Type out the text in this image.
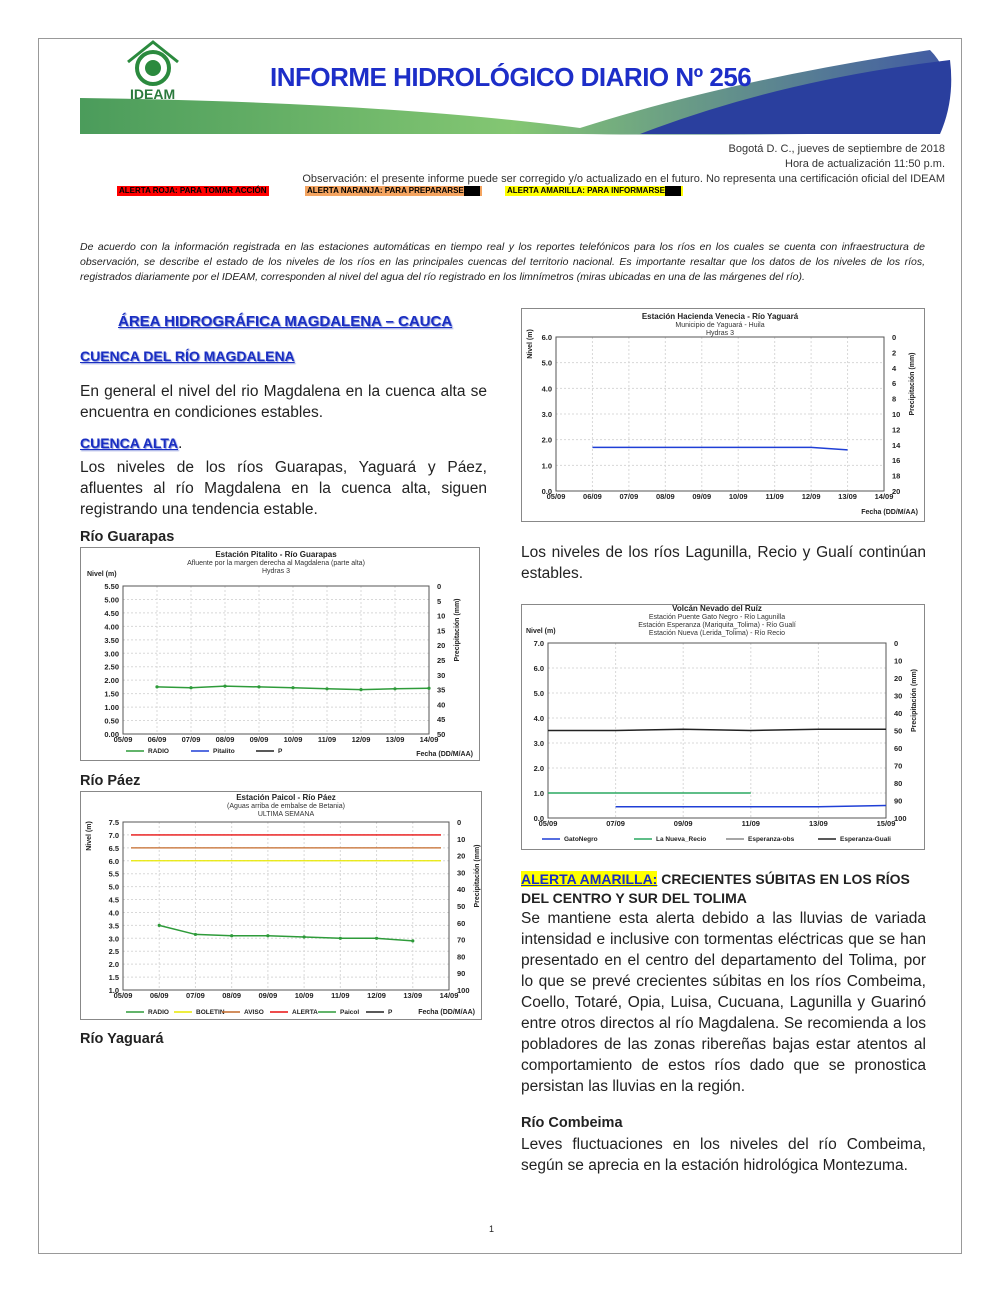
IDEAM
INFORME HIDROLÓGICO DIARIO Nº 256
Bogotá D. C., jueves de septiembre de 2018
Hora de actualización 11:50 p.m.
Observación: el presente informe puede ser corregido y/o actualizado en el futuro. No representa una certificación oficial del IDEAM
ALERTA ROJA: PARA TOMAR ACCIÓN	ALERTA NARANJA: PARA PREPARARSE	ALERTA AMARILLA: PARA INFORMARSE
De acuerdo con la información registrada en las estaciones automáticas en tiempo real y los reportes telefónicos para los ríos en los cuales se cuenta con infraestructura de observación, se describe el estado de los niveles de los ríos en las principales cuencas del territorio nacional. Es importante resaltar que los datos de los niveles de los ríos, registrados diariamente por el IDEAM, corresponden al nivel del agua del río registrado en los limnímetros (miras ubicadas en una de las márgenes del río).
ÁREA HIDROGRÁFICA MAGDALENA – CAUCA
CUENCA DEL RÍO MAGDALENA
En general el nivel del rio Magdalena en la cuenca alta se encuentra en condiciones estables.
CUENCA ALTA.
Los niveles de los ríos Guarapas, Yaguará y Páez, afluentes al río Magdalena en la cuenca alta, siguen registrando una tendencia estable.
Río Guarapas
Estación Pitalito - Río Guarapas
Afluente por la margen derecha al Magdalena (parte alta)
Hydras 3
0.00
0.50
1.00
1.50
2.00
2.50
3.00
3.50
4.00
4.50
5.00
5.50	0
5
10
15
20
25
30
35
40
45
50
05/09 06/09 07/09 08/09 09/09 10/09 11/09 12/09 13/09 14/09
Nivel (m)
Precipitación (mm)
Fecha (DD/M/AA)
RADIO	Pitalito	P
Río Páez
Estación Paicol - Río Páez
(Aguas arriba de embalse de Betania)
ULTIMA SEMANA
1.0
1.5
2.0
2.5
3.0
3.5
4.0
4.5
5.0
5.5
6.0
6.5
7.0
7.5	0
10
20
30
40
50
60
70
80
90
100
05/09 06/09 07/09 08/09 09/09 10/09 11/09 12/09 13/09 14/09
Nivel (m)
Precipitación (mm)
Fecha (DD/M/AA)
RADIO	BOLETIN	AVISO	ALERTA	Paicol	P
Río Yaguará
Estación Hacienda Venecia - Río Yaguará
Municipio de Yaguará - Huila
Hydras 3
0.0
1.0
2.0
3.0
4.0
5.0
6.0	0
2
4
6
8
10
12
14
16
18
20
05/09 06/09 07/09 08/09 09/09 10/09 11/09 12/09 13/09 14/09
Nivel (m)
Precipitación (mm)
Fecha (DD/M/AA)
Los niveles de los ríos Lagunilla, Recio y Gualí continúan estables.
Volcán Nevado del Ruíz
Estación Puente Gato Negro - Río Lagunilla
Estación Esperanza (Mariquita_Tolima) - Río Gualí
Estación Nueva (Lerida_Tolima) - Río Recio
0.0
1.0
2.0
3.0
4.0
5.0
6.0
7.0	0
10
20
30
40
50
60
70
80
90
100
05/09	07/09	09/09	11/09	13/09	15/09
Nivel (m)
Precipitación (mm)
GatoNegro	La Nueva_Recio	Esperanza-obs	Esperanza-Guali
ALERTA AMARILLA: CRECIENTES SÚBITAS EN LOS RÍOS DEL CENTRO Y SUR DEL TOLIMA
Se mantiene esta alerta debido a las lluvias de variada intensidad e inclusive con tormentas eléctricas que se han presentado en el centro del departamento del Tolima, por lo que se prevé crecientes súbitas en los ríos Combeima, Coello, Totaré, Opia, Luisa, Cucuana, Lagunilla y Guarinó entre otros directos al río Magdalena. Se recomienda a los pobladores de las zonas ribereñas bajas estar atentos al comportamiento de estos ríos dado que se pronostica persistan las lluvias en la región.
Río Combeima
Leves fluctuaciones en los niveles del río Combeima, según se aprecia en la estación hidrológica Montezuma.
1
